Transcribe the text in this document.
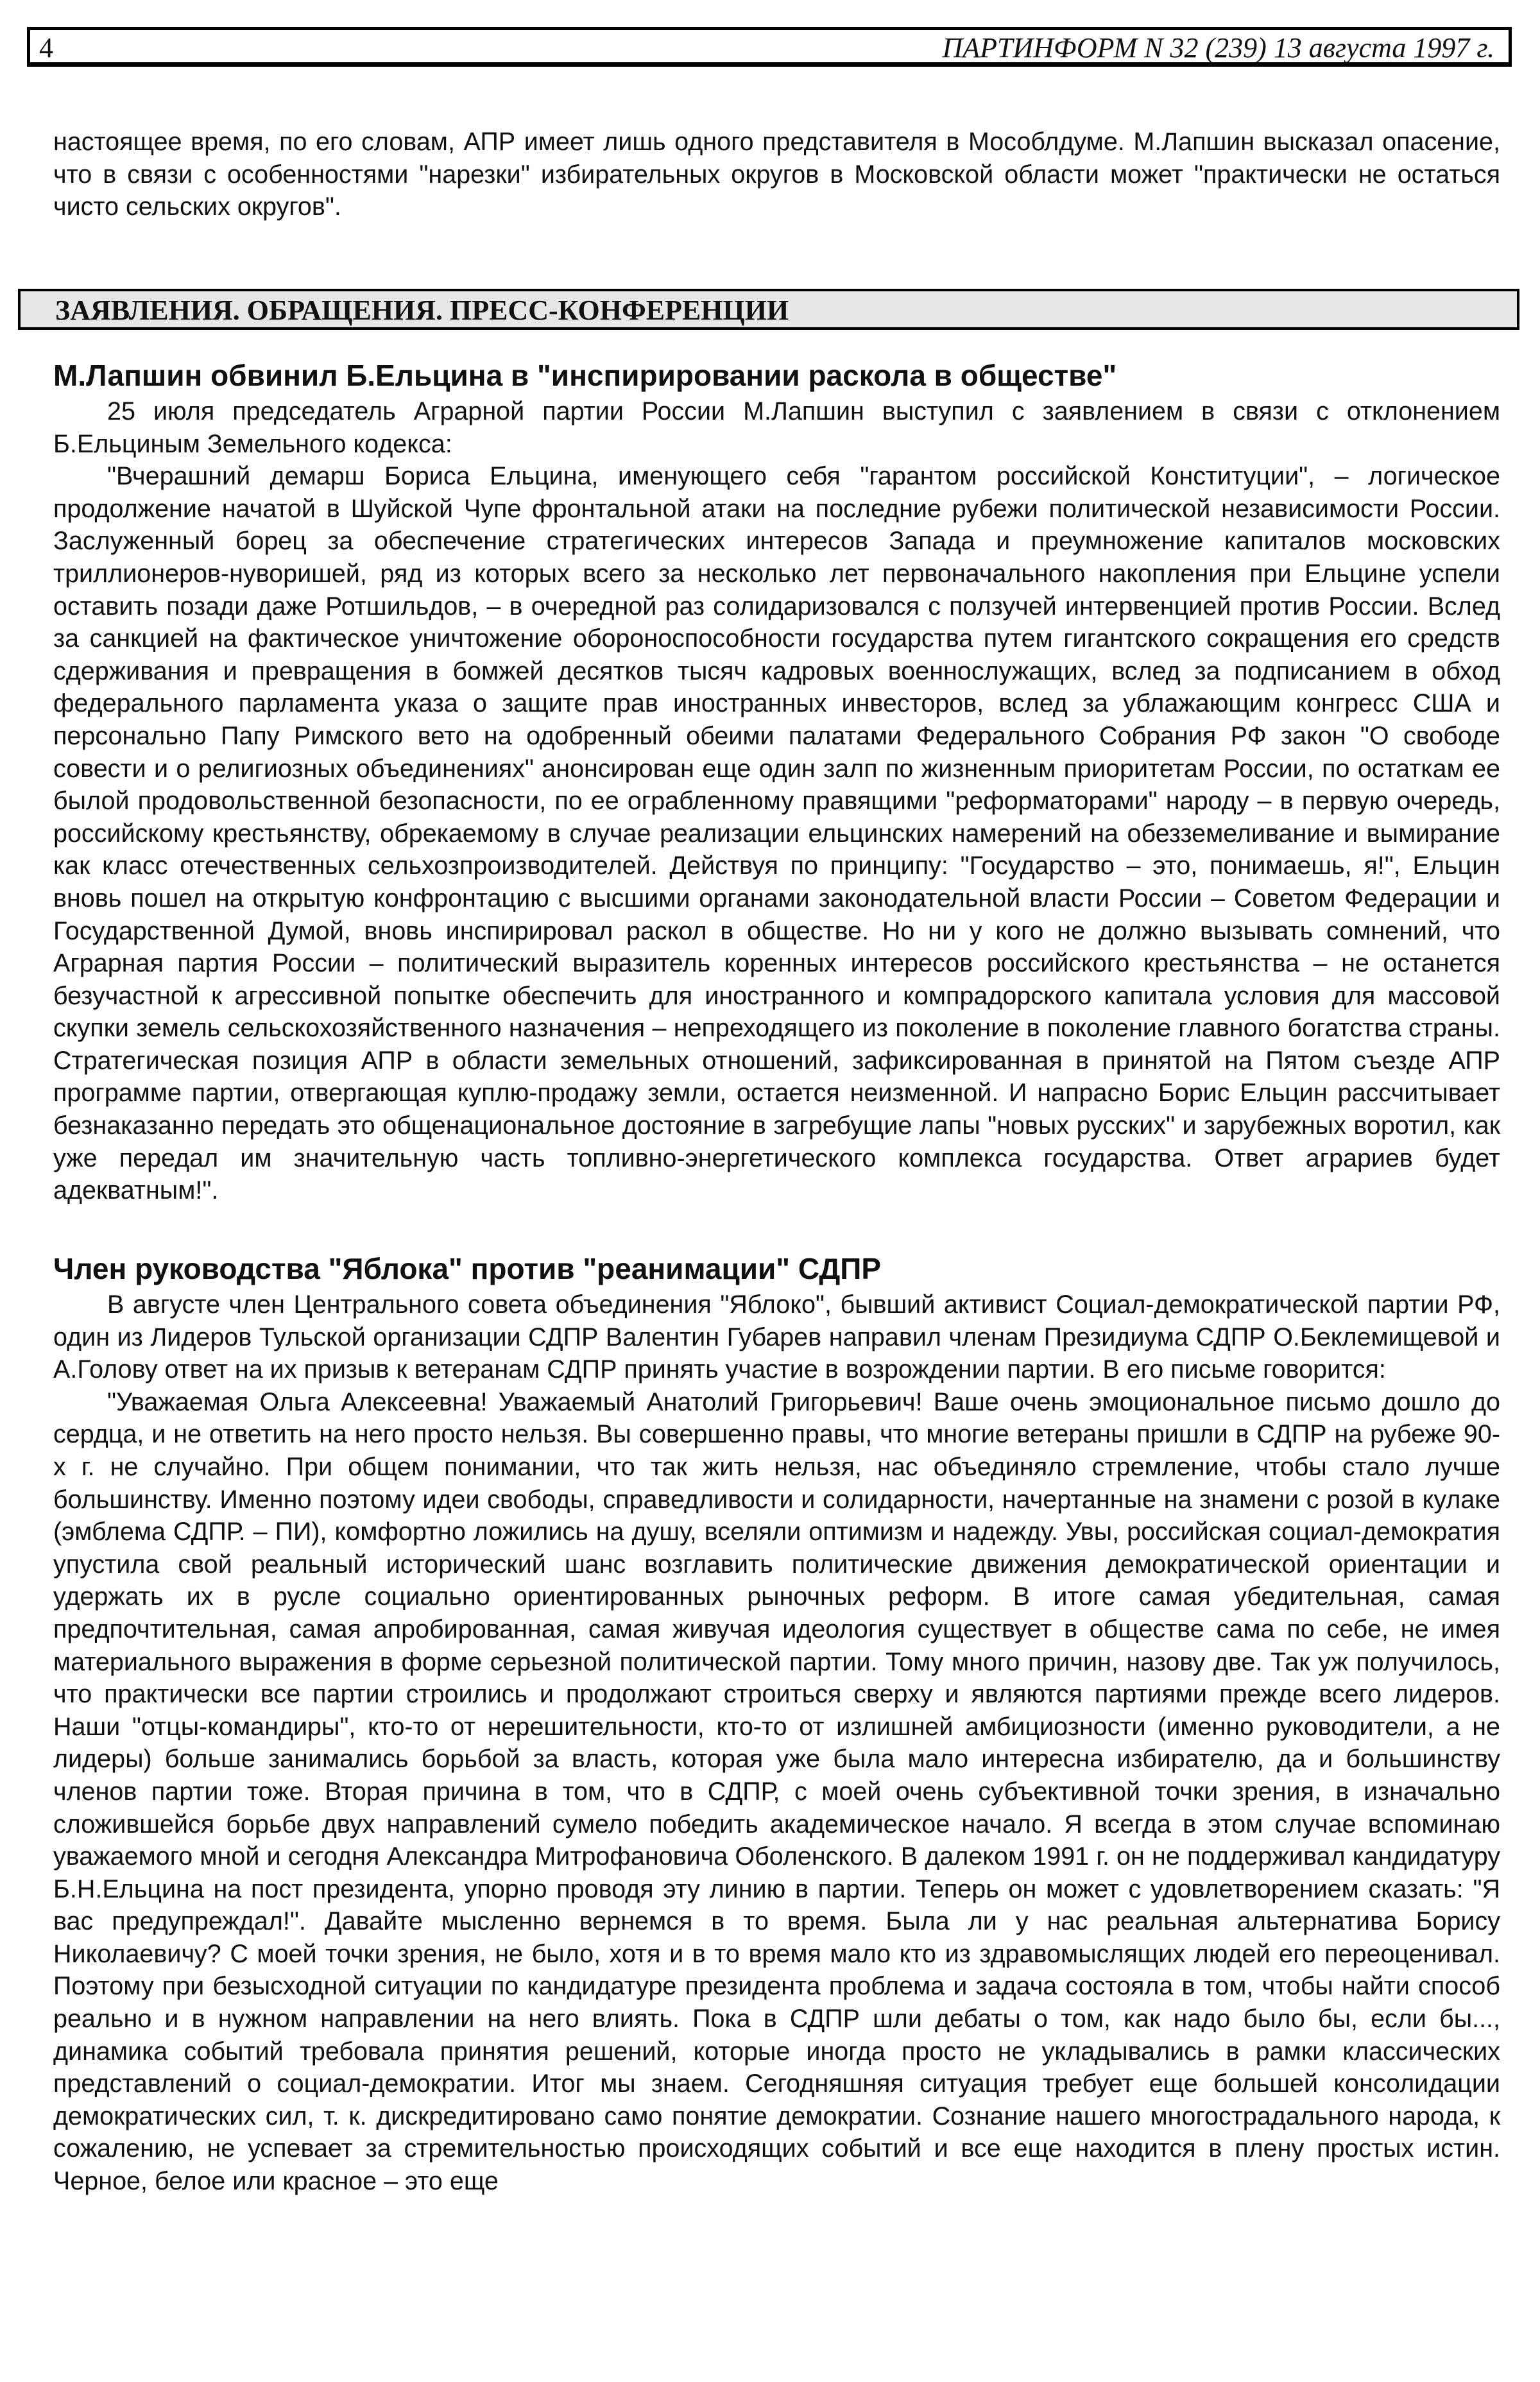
4	ПАРТИНФОРМ N 32 (239) 13 августа 1997 г.

настоящее время, по его словам, АПР имеет лишь одного представителя в Мособлдуме. М.Лапшин высказал опасение, что в связи с особенностями "нарезки" избирательных округов в Московской области может "практически не остаться чисто сельских округов".

ЗАЯВЛЕНИЯ. ОБРАЩЕНИЯ. ПРЕСС-КОНФЕРЕНЦИИ
М.Лапшин обвинил Б.Ельцина в "инспирировании раскола в обществе"

25 июля председатель Аграрной партии России М.Лапшин выступил с заявлением в связи с отклонением Б.Ельциным Земельного кодекса:

"Вчерашний демарш Бориса Ельцина, именующего себя "гарантом российской Конституции", – логическое продолжение начатой в Шуйской Чупе фронтальной атаки на последние рубежи политической независимости России. Заслуженный борец за обеспечение стратегических интересов Запада и преумножение капиталов московских триллионеров-нуворишей, ряд из которых всего за несколько лет первоначального накопления при Ельцине успели оставить позади даже Ротшильдов, – в очередной раз солидаризовался с ползучей интервенцией против России. Вслед за санкцией на фактическое уничтожение обороноспособности государства путем гигантского сокращения его средств сдерживания и превращения в бомжей десятков тысяч кадровых военнослужащих, вслед за подписанием в обход федерального парламента указа о защите прав иностранных инвесторов, вслед за ублажающим конгресс США и персонально Папу Римского вето на одобренный обеими палатами Федерального Собрания РФ закон "О свободе совести и о религиозных объединениях" анонсирован еще один залп по жизненным приоритетам России, по остаткам ее былой продовольственной безопасности, по ее ограбленному правящими "реформаторами" народу – в первую очередь, российскому крестьянству, обрекаемому в случае реализации ельцинских намерений на обезземеливание и вымирание как класс отечественных сельхозпроизводителей. Действуя по принципу: "Государство – это, понимаешь, я!", Ельцин вновь пошел на открытую конфронтацию с высшими органами законодательной власти России – Советом Федерации и Государственной Думой, вновь инспирировал раскол в обществе. Но ни у кого не должно вызывать сомнений, что Аграрная партия России – политический выразитель коренных интересов российского крестьянства – не останется безучастной к агрессивной попытке обеспечить для иностранного и компрадорского капитала условия для массовой скупки земель сельскохозяйственного назначения – непреходящего из поколение в поколение главного богатства страны. Стратегическая позиция АПР в области земельных отношений, зафиксированная в принятой на Пятом съезде АПР программе партии, отвергающая куплю-продажу земли, остается неизменной. И напрасно Борис Ельцин рассчитывает безнаказанно передать это общенациональное достояние в загребущие лапы "новых русских" и зарубежных воротил, как уже передал им значительную часть топливно-энергетического комплекса государства. Ответ аграриев будет адекватным!".

Член руководства "Яблока" против "реанимации" СДПР

В августе член Центрального совета объединения "Яблоко", бывший активист Социал-демократической партии РФ, один из Лидеров Тульской организации СДПР Валентин Губарев направил членам Президиума СДПР О.Беклемищевой и А.Голову ответ на их призыв к ветеранам СДПР принять участие в возрождении партии. В его письме говорится:

"Уважаемая Ольга Алексеевна! Уважаемый Анатолий Григорьевич! Ваше очень эмоциональное письмо дошло до сердца, и не ответить на него просто нельзя. Вы совершенно правы, что многие ветераны пришли в СДПР на рубеже 90-х г. не случайно. При общем понимании, что так жить нельзя, нас объединяло стремление, чтобы стало лучше большинству. Именно поэтому идеи свободы, справедливости и солидарности, начертанные на знамени с розой в кулаке (эмблема СДПР. – ПИ), комфортно ложились на душу, вселяли оптимизм и надежду. Увы, российская социал-демократия упустила свой реальный исторический шанс возглавить политические движения демократической ориентации и удержать их в русле социально ориентированных рыночных реформ. В итоге самая убедительная, самая предпочтительная, самая апробированная, самая живучая идеология существует в обществе сама по себе, не имея материального выражения в форме серьезной политической партии. Тому много причин, назову две. Так уж получилось, что практически все партии строились и продолжают строиться сверху и являются партиями прежде всего лидеров. Наши "отцы-командиры", кто-то от нерешительности, кто-то от излишней амбициозности (именно руководители, а не лидеры) больше занимались борьбой за власть, которая уже была мало интересна избирателю, да и большинству членов партии тоже. Вторая причина в том, что в СДПР, с моей очень субъективной точки зрения, в изначально сложившейся борьбе двух направлений сумело победить академическое начало. Я всегда в этом случае вспоминаю уважаемого мной и сегодня Александра Митрофановича Оболенского. В далеком 1991 г. он не поддерживал кандидатуру Б.Н.Ельцина на пост президента, упорно проводя эту линию в партии. Теперь он может с удовлетворением сказать: "Я вас предупреждал!". Давайте мысленно вернемся в то время. Была ли у нас реальная альтернатива Борису Николаевичу? С моей точки зрения, не было, хотя и в то время мало кто из здравомыслящих людей его переоценивал. Поэтому при безысходной ситуации по кандидатуре президента проблема и задача состояла в том, чтобы найти способ реально и в нужном направлении на него влиять. Пока в СДПР шли дебаты о том, как надо было бы, если бы..., динамика событий требовала принятия решений, которые иногда просто не укладывались в рамки классических представлений о социал-демократии. Итог мы знаем. Сегодняшняя ситуация требует еще большей консолидации демократических сил, т. к. дискредитировано само понятие демократии. Сознание нашего многострадального народа, к сожалению, не успевает за стремительностью происходящих событий и все еще находится в плену простых истин. Черное, белое или красное – это еще
